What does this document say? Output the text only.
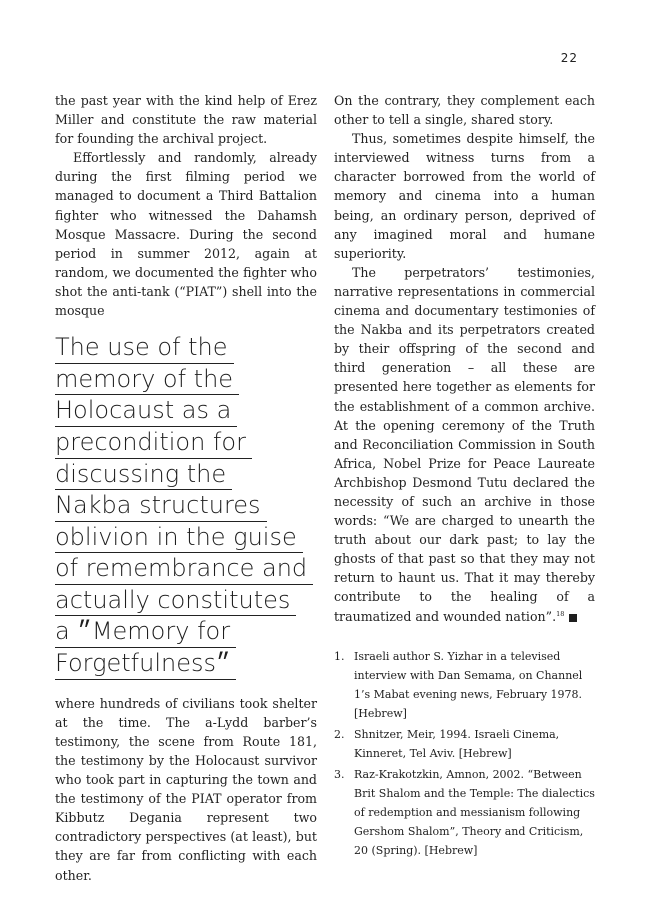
22

the past year with the kind help of Erez Miller and constitute the raw material for founding the archival project.

Effortlessly and randomly, already during the first filming period we managed to document a Third Battalion fighter who witnessed the Dahamsh Mosque Massacre. During the second period in summer 2012, again at random, we documented the fighter who shot the anti-tank (“PIAT”) shell into the mosque

The use of the
memory of the
Holocaust as a
precondition for
discussing the
Nakba structures
oblivion in the guise
of remembrance and
actually constitutes
a ״Memory for
Forgetfulness״

where hundreds of civilians took shelter at the time. The a-Lydd barber’s testimony, the scene from Route 181, the testimony by the Holocaust survivor who took part in capturing the town and the testimony of the PIAT operator from Kibbutz Degania represent two contradictory perspectives (at least), but they are far from conflicting with each other.

On the contrary, they complement each other to tell a single, shared story.

Thus, sometimes despite himself, the interviewed witness turns from a character borrowed from the world of memory and cinema into a human being, an ordinary person, deprived of any imagined moral and humane superiority.

The perpetrators’ testimonies, narrative representations in commercial cinema and documentary testimonies of the Nakba and its perpetrators created by their offspring of the second and third generation – all these are presented here together as elements for the establishment of a common archive. At the opening ceremony of the Truth and Reconciliation Commission in South Africa, Nobel Prize for Peace Laureate Archbishop Desmond Tutu declared the necessity of such an archive in those words: “We are charged to unearth the truth about our dark past; to lay the ghosts of that past so that they may not return to haunt us. That it may thereby contribute to the healing of a traumatized and wounded nation”.$^{18}$

1. Israeli author S. Yizhar in a televised interview with Dan Semama, on Channel 1’s Mabat evening news, February 1978. [Hebrew]
2. Shnitzer, Meir, 1994. Israeli Cinema, Kinneret, Tel Aviv. [Hebrew]
3. Raz-Krakotzkin, Amnon, 2002. “Between Brit Shalom and the Temple: The dialectics of redemption and messianism following Gershom Shalom”, Theory and Criticism, 20 (Spring). [Hebrew]
